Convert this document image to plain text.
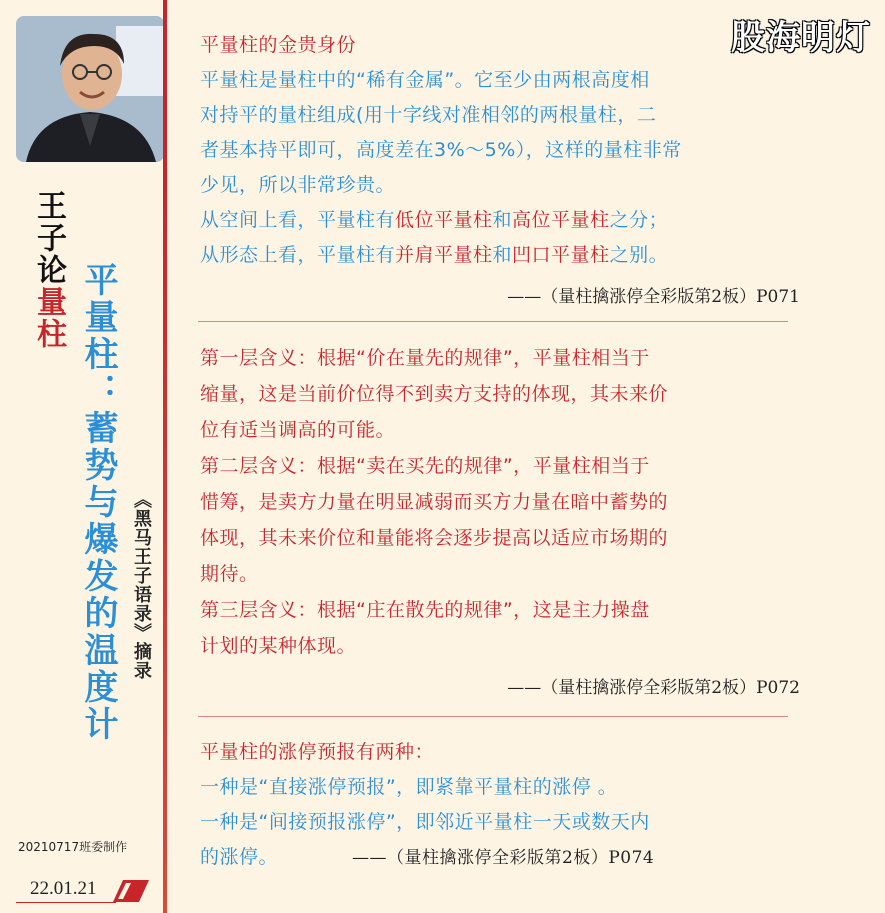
王子论量柱 平量柱：蓄势与爆发的温度计 《黑马王子语录》摘录
20210717班委制作
22.01.21
股海明灯
平量柱的金贵身份
平量柱是量柱中的“稀有金属”。它至少由两根高度相
对持平的量柱组成(用十字线对准相邻的两根量柱，二
者基本持平即可，高度差在3%～5%），这样的量柱非常
少见，所以非常珍贵。
从空间上看，平量柱有低位平量柱和高位平量柱之分；
从形态上看，平量柱有并肩平量柱和凹口平量柱之别。
——（量柱擒涨停全彩版第2板）P071
第一层含义：根据“价在量先的规律”，平量柱相当于
缩量，这是当前价位得不到卖方支持的体现，其未来价
位有适当调高的可能。
第二层含义：根据“卖在买先的规律”，平量柱相当于
惜筹，是卖方力量在明显减弱而买方力量在暗中蓄势的
体现，其未来价位和量能将会逐步提高以适应市场期的
期待。
第三层含义：根据“庄在散先的规律”，这是主力操盘
计划的某种体现。
——（量柱擒涨停全彩版第2板）P072
平量柱的涨停预报有两种：
一种是“直接涨停预报”，即紧靠平量柱的涨停 。
一种是“间接预报涨停”，即邻近平量柱一天或数天内
的涨停。	——（量柱擒涨停全彩版第2板）P074
